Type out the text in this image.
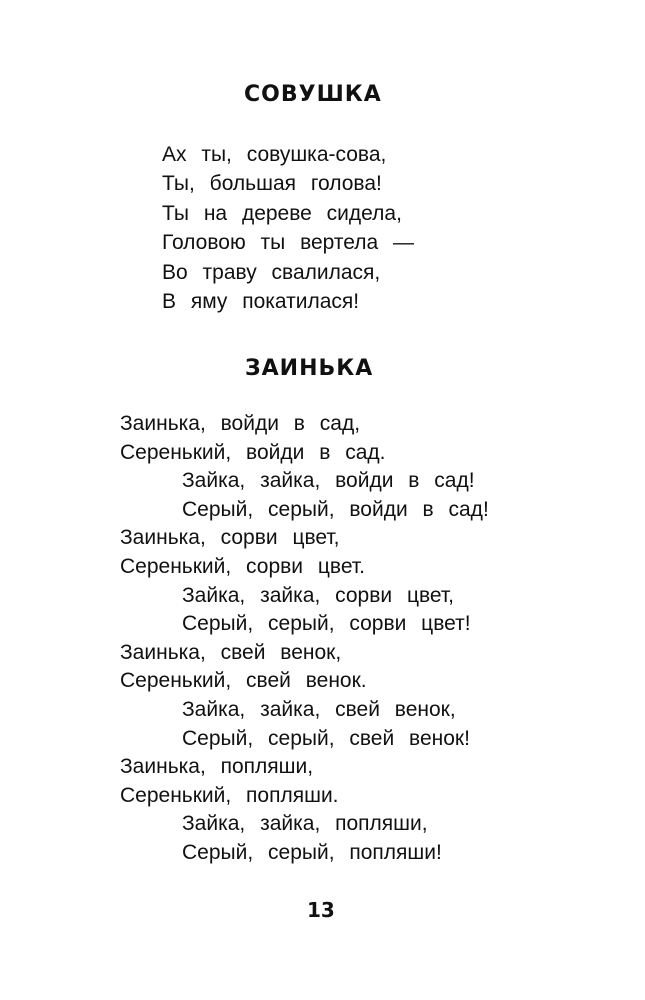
СОВУШКА
Ах ты, совушка-сова,
Ты, большая голова!
Ты на дереве сидела,
Головою ты вертела —
Во траву свалилася,
В яму покатилася!
ЗАИНЬКА
Заинька, войди в сад,
Серенький, войди в сад.
Зайка, зайка, войди в сад!
Серый, серый, войди в сад!
Заинька, сорви цвет,
Серенький, сорви цвет.
Зайка, зайка, сорви цвет,
Серый, серый, сорви цвет!
Заинька, свей венок,
Серенький, свей венок.
Зайка, зайка, свей венок,
Серый, серый, свей венок!
Заинька, попляши,
Серенький, попляши.
Зайка, зайка, попляши,
Серый, серый, попляши!

13
